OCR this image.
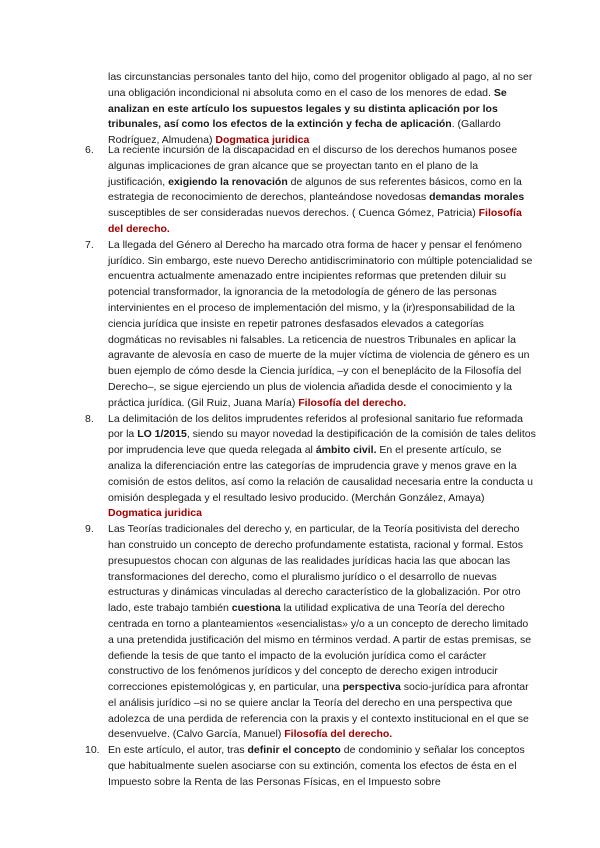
las circunstancias personales tanto del hijo, como del progenitor obligado al pago, al no ser una obligación incondicional ni absoluta como en el caso de los menores de edad. Se analizan en este artículo los supuestos legales y su distinta aplicación por los tribunales, así como los efectos de la extinción y fecha de aplicación. (Gallardo Rodríguez, Almudena) Dogmatica juridica

6. La reciente incursión de la discapacidad en el discurso de los derechos humanos posee algunas implicaciones de gran alcance que se proyectan tanto en el plano de la justificación, exigiendo la renovación de algunos de sus referentes básicos, como en la estrategia de reconocimiento de derechos, planteándose novedosas demandas morales susceptibles de ser consideradas nuevos derechos. ( Cuenca Gómez, Patricia) Filosofía del derecho.
7. La llegada del Género al Derecho ha marcado otra forma de hacer y pensar el fenómeno jurídico. Sin embargo, este nuevo Derecho antidiscriminatorio con múltiple potencialidad se encuentra actualmente amenazado entre incipientes reformas que pretenden diluir su potencial transformador, la ignorancia de la metodología de género de las personas intervinientes en el proceso de implementación del mismo, y la (ir)responsabilidad de la ciencia jurídica que insiste en repetir patrones desfasados elevados a categorías dogmáticas no revisables ni falsables. La reticencia de nuestros Tribunales en aplicar la agravante de alevosía en caso de muerte de la mujer víctima de violencia de género es un buen ejemplo de cómo desde la Ciencia jurídica, –y con el beneplácito de la Filosofía del Derecho–, se sigue ejerciendo un plus de violencia añadida desde el conocimiento y la práctica jurídica. (Gil Ruiz, Juana María) Filosofía del derecho.
8. La delimitación de los delitos imprudentes referidos al profesional sanitario fue reformada por la LO 1/2015, siendo su mayor novedad la destipificación de la comisión de tales delitos por imprudencia leve que queda relegada al ámbito civil. En el presente artículo, se analiza la diferenciación entre las categorías de imprudencia grave y menos grave en la comisión de estos delitos, así como la relación de causalidad necesaria entre la conducta u omisión desplegada y el resultado lesivo producido. (Merchán González, Amaya) Dogmatica juridica
9. Las Teorías tradicionales del derecho y, en particular, de la Teoría positivista del derecho han construido un concepto de derecho profundamente estatista, racional y formal. Estos presupuestos chocan con algunas de las realidades jurídicas hacia las que abocan las transformaciones del derecho, como el pluralismo jurídico o el desarrollo de nuevas estructuras y dinámicas vinculadas al derecho característico de la globalización. Por otro lado, este trabajo también cuestiona la utilidad explicativa de una Teoría del derecho centrada en torno a planteamientos «esencialistas» y/o a un concepto de derecho limitado a una pretendida justificación del mismo en términos verdad. A partir de estas premisas, se defiende la tesis de que tanto el impacto de la evolución jurídica como el carácter constructivo de los fenómenos jurídicos y del concepto de derecho exigen introducir correcciones epistemológicas y, en particular, una perspectiva socio-jurídica para afrontar el análisis jurídico –si no se quiere anclar la Teoría del derecho en una perspectiva que adolezca de una perdida de referencia con la praxis y el contexto institucional en el que se desenvuelve. (Calvo García, Manuel) Filosofía del derecho.
10. En este artículo, el autor, tras definir el concepto de condominio y señalar los conceptos que habitualmente suelen asociarse con su extinción, comenta los efectos de ésta en el Impuesto sobre la Renta de las Personas Físicas, en el Impuesto sobre
